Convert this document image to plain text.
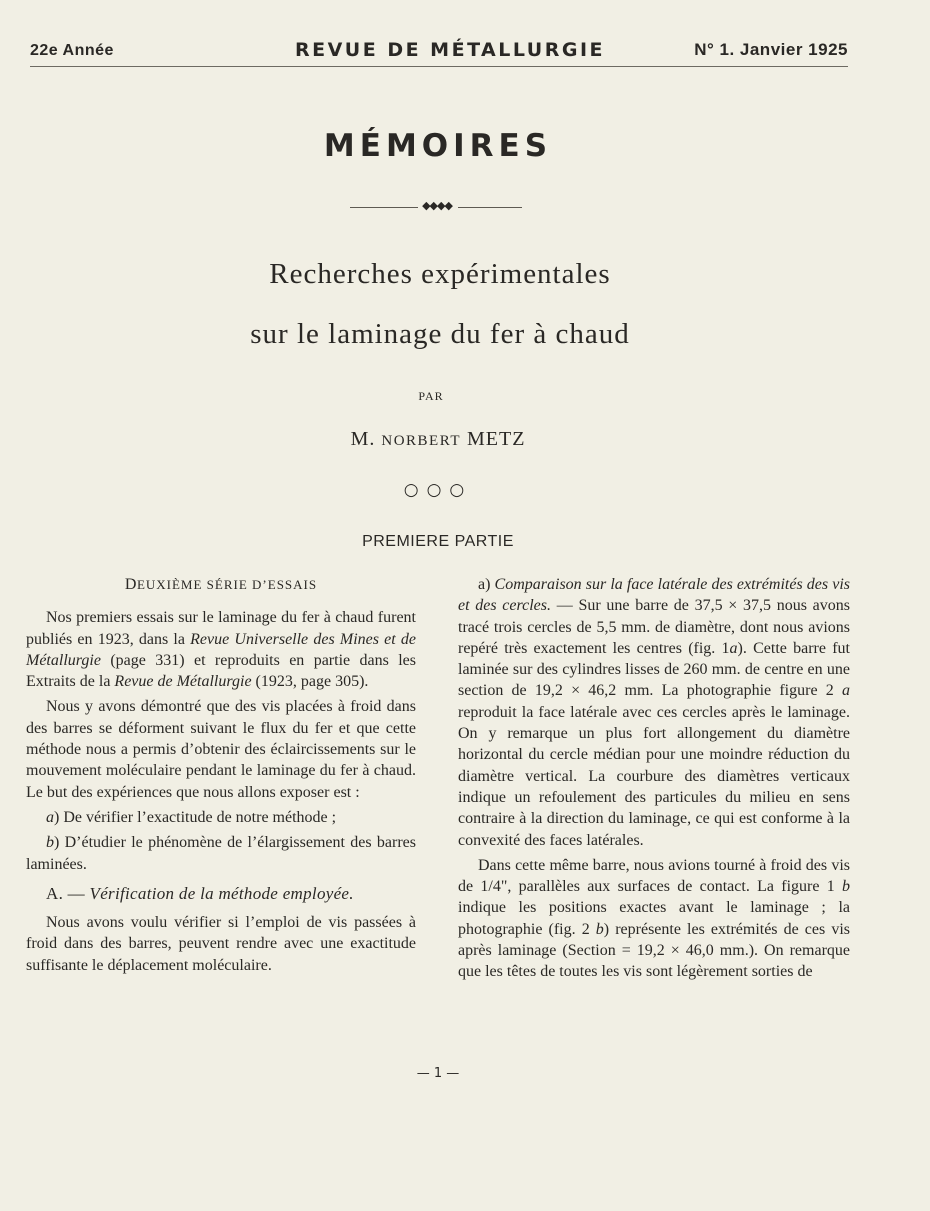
22e Année	REVUE DE MÉTALLURGIE	N° 1. Janvier 1925
MÉMOIRES
◆◆◆◆
Recherches expérimentales
sur le laminage du fer à chaud
PAR
M. NORBERT METZ
○○○
PREMIERE PARTIE

DEUXIÈME SÉRIE D’ESSAIS

Nos premiers essais sur le laminage du fer à chaud furent publiés en 1923, dans la Revue Universelle des Mines et de Métallurgie (page 331) et reproduits en partie dans les Extraits de la Revue de Métallurgie (1923, page 305).

Nous y avons démontré que des vis placées à froid dans des barres se déforment suivant le flux du fer et que cette méthode nous a permis d’obtenir des éclaircissements sur le mouvement moléculaire pendant le laminage du fer à chaud. Le but des expériences que nous allons exposer est :

a) De vérifier l’exactitude de notre méthode ;

b) D’étudier le phénomène de l’élargissement des barres laminées.

A. — Vérification de la méthode employée.

Nous avons voulu vérifier si l’emploi de vis passées à froid dans des barres, peuvent rendre avec une exactitude suffisante le déplacement moléculaire.

a) Comparaison sur la face latérale des extrémités des vis et des cercles. — Sur une barre de 37,5 × 37,5 nous avons tracé trois cercles de 5,5 mm. de diamètre, dont nous avions repéré très exactement les centres (fig. 1a). Cette barre fut laminée sur des cylindres lisses de 260 mm. de centre en une section de 19,2 × 46,2 mm. La photographie figure 2 a reproduit la face latérale avec ces cercles après le laminage. On y remarque un plus fort allongement du diamètre horizontal du cercle médian pour une moindre réduction du diamètre vertical. La courbure des diamètres verticaux indique un refoulement des particules du milieu en sens contraire à la direction du laminage, ce qui est conforme à la convexité des faces latérales.

Dans cette même barre, nous avions tourné à froid des vis de 1/4", parallèles aux surfaces de contact. La figure 1 b indique les positions exactes avant le laminage ; la photographie (fig. 2 b) représente les extrémités de ces vis après laminage (Section = 19,2 × 46,0 mm.). On remarque que les têtes de toutes les vis sont légèrement sorties de

— 1 —
